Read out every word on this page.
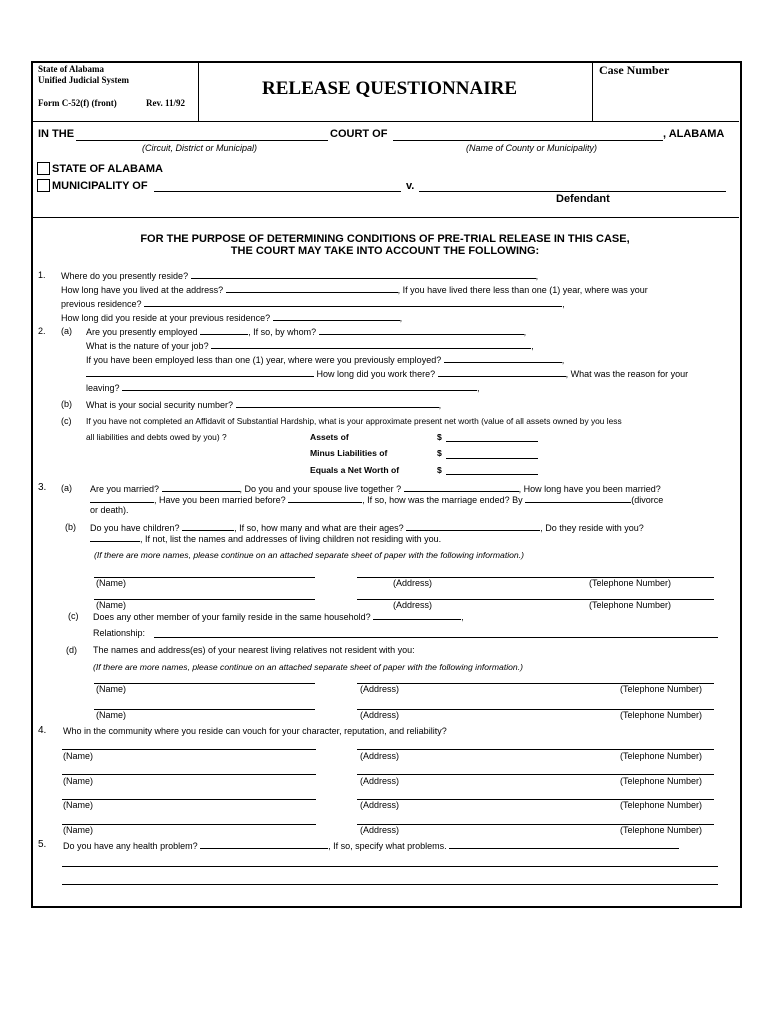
State of Alabama
Unified Judicial System
Form C-52(f) (front)	Rev. 11/92
RELEASE QUESTIONNAIRE
Case Number
IN THE	COURT OF	, ALABAMA
(Circuit, District or Municipal)	(Name of County or Municipality)
STATE OF ALABAMA
MUNICIPALITY OF	v.
Defendant
FOR THE PURPOSE OF DETERMINING CONDITIONS OF PRE-TRIAL RELEASE IN THIS CASE,
THE COURT MAY TAKE INTO ACCOUNT THE FOLLOWING:
1. Where do you presently reside?	,
How long have you lived at the address?	, If you have lived there less than one (1) year, where was your
previous residence?	,
How long did you reside at your previous residence?	,
2. (a) Are you presently employed	, If so, by whom?	,
What is the nature of your job?	,
If you have been employed less than one (1) year, where were you previously employed?	,
How long did you work there?	, What was the reason for your
leaving?	,
(b) What is your social security number?	,
(c) If you have not completed an Affidavit of Substantial Hardship, what is your approximate present net worth (value of all assets owned by you less
all liabilities and debts owed by you) ?	Assets of	$
Minus Liabilities of	$
Equals a Net Worth of	$
3. (a) Are you married?	, Do you and your spouse live together ?	, How long have you been married?
, Have you been married before?	, If so, how was the marriage ended? By	(divorce
or death).
(b) Do you have children?	, If so, how many and what are their ages?	, Do they reside with you?
, If not, list the names and addresses of living children not residing with you.
(If there are more names, please continue on an attached separate sheet of paper with the following information.)
(Name)	(Address)	(Telephone Number)
(Name)	(Address)	(Telephone Number)
(c) Does any other member of your family reside in the same household?	,
Relationship:
(d) The names and address(es) of your nearest living relatives not resident with you:
(If there are more names, please continue on an attached separate sheet of paper with the following information.)
(Name)	(Address)	(Telephone Number)
(Name)	(Address)	(Telephone Number)
4. Who in the community where you reside can vouch for your character, reputation, and reliability?
(Name)	(Address)	(Telephone Number)
(Name)	(Address)	(Telephone Number)
(Name)	(Address)	(Telephone Number)
(Name)	(Address)	(Telephone Number)
5. Do you have any health problem?	, If so, specify what problems.
